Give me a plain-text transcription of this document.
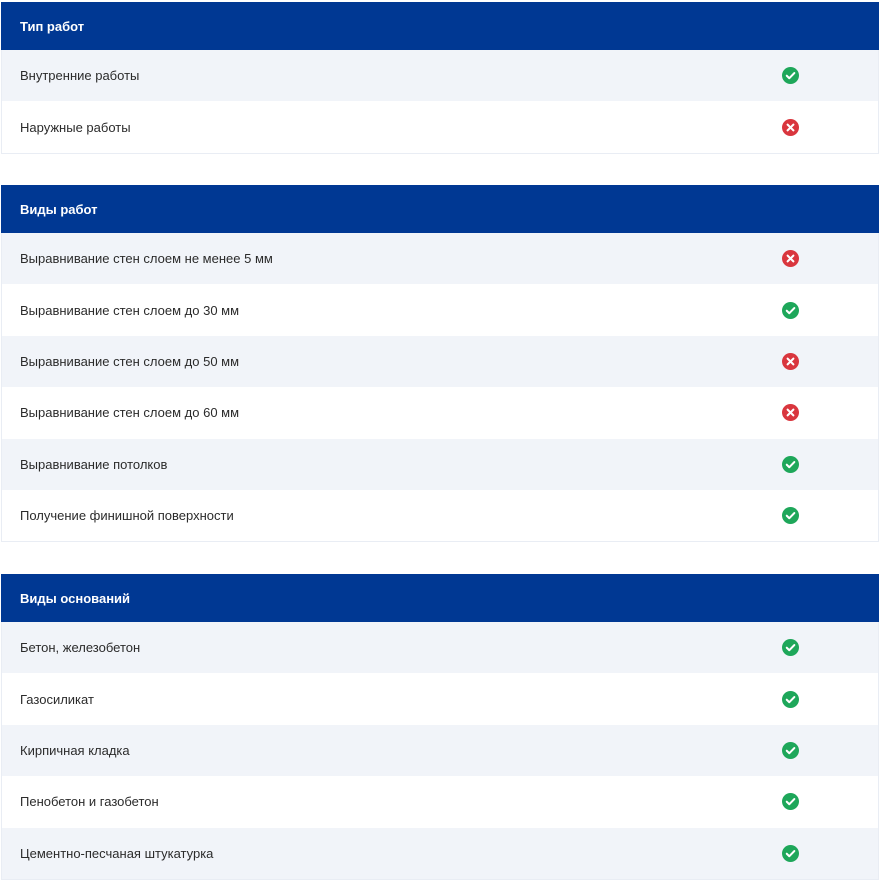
Тип работ
Внутренние работы
Наружные работы
Виды работ
Выравнивание стен слоем не менее 5 мм
Выравнивание стен слоем до 30 мм
Выравнивание стен слоем до 50 мм
Выравнивание стен слоем до 60 мм
Выравнивание потолков
Получение финишной поверхности
Виды оснований
Бетон, железобетон
Газосиликат
Кирпичная кладка
Пенобетон и газобетон
Цементно-песчаная штукатурка
